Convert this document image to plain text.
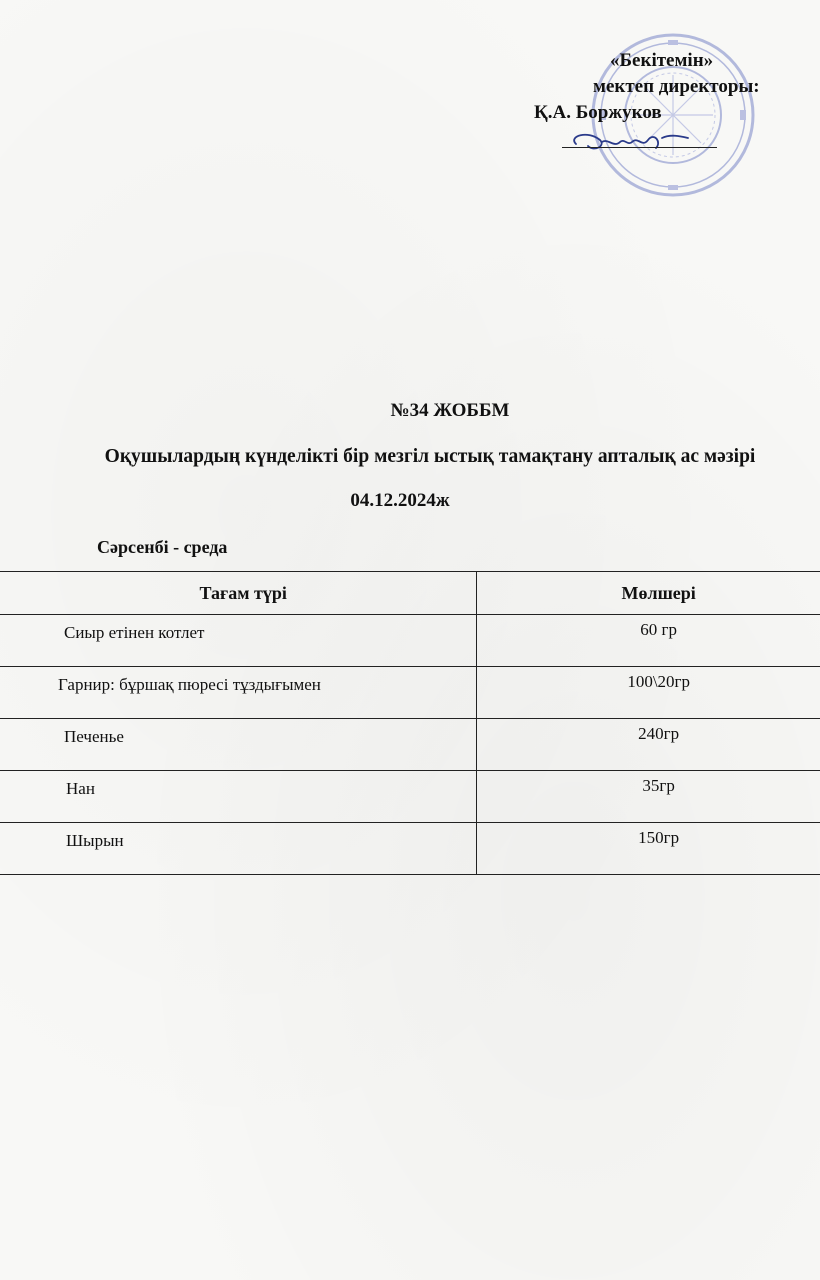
«Бекітемін»
мектеп директоры:
Қ.А. Боржуков
№34 ЖОББМ
Оқушылардың күнделікті бір мезгіл ыстық тамақтану апталық ас мәзірі
04.12.2024ж
Сәрсенбі - среда
Тағам түрі	Мөлшері
Сиыр етінен котлет	60 гр
Гарнир: бұршақ пюресі тұздығымен	100\20гр
Печенье	240гр
Нан	35гр
Шырын	150гр
